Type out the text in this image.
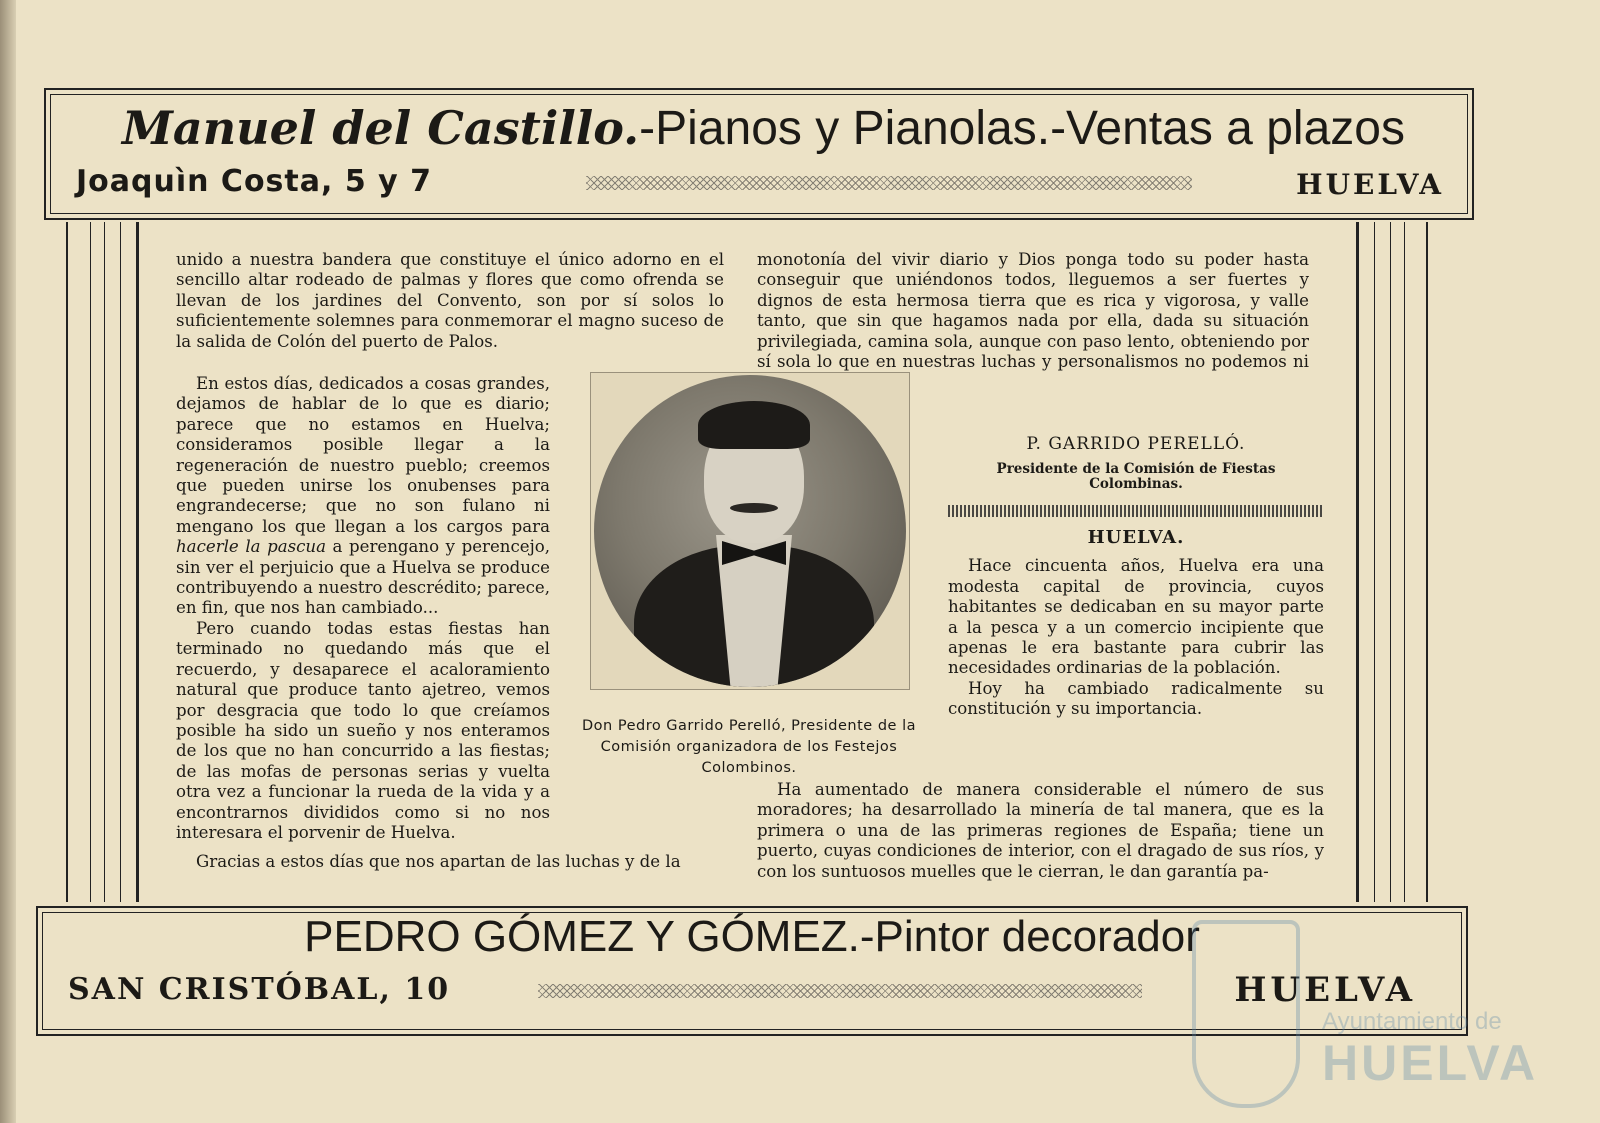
Manuel del Castillo.-Pianos y Pianolas.-Ventas a plazos
Joaquìn Costa, 5 y 7	HUELVA

unido a nuestra bandera que constituye el único adorno en el sencillo altar rodeado de palmas y flores que como ofrenda se llevan de los jardines del Convento, son por sí solos lo suficientemente solemnes para conmemorar el magno suceso de la salida de Colón del puerto de Palos.

En estos días, dedicados a cosas grandes, dejamos de hablar de lo que es diario; parece que no estamos en Huelva; consideramos posible llegar a la regeneración de nuestro pueblo; creemos que pueden unirse los onubenses para engrandecerse; que no son fulano ni mengano los que llegan a los cargos para hacerle la pascua a perengano y perencejo, sin ver el perjuicio que a Huelva se produce contribuyendo a nuestro descrédito; parece, en fin, que nos han cambiado...

Pero cuando todas estas fiestas han terminado no quedando más que el recuerdo, y desaparece el acaloramiento natural que produce tanto ajetreo, vemos por desgracia que todo lo que creíamos posible ha sido un sueño y nos enteramos de los que no han concurrido a las fiestas; de las mofas de personas serias y vuelta otra vez a funcionar la rueda de la vida y a encontrarnos divididos como si no nos interesara el porvenir de Huelva.

Gracias a estos días que nos apartan de las luchas y de la

monotonía del vivir diario y Dios ponga todo su poder hasta conseguir que uniéndonos todos, lleguemos a ser fuertes y dignos de esta hermosa tierra que es rica y vigorosa, y valle tanto, que sin que hagamos nada por ella, dada su situación privilegiada, camina sola, aunque con paso lento, obteniendo por sí sola lo que en nuestras luchas y personalismos no podemos ni

P. GARRIDO PERELLÓ.
Presidente de la Comisión de Fiestas Colombinas.
HUELVA.

Hace cincuenta años, Huelva era una modesta capital de provincia, cuyos habitantes se dedicaban en su mayor parte a la pesca y a un comercio incipiente que apenas le era bastante para cubrir las necesidades ordinarias de la población.

Hoy ha cambiado radicalmente su constitución y su importancia.

Ha aumentado de manera considerable el número de sus moradores; ha desarrollado la minería de tal manera, que es la primera o una de las primeras regiones de España; tiene un puerto, cuyas condiciones de interior, con el dragado de sus ríos, y con los suntuosos muelles que le cierran, le dan garantía pa-

Don Pedro Garrido Perelló, Presidente de la Comisión organizadora de los Festejos Colombinos.
PEDRO GÓMEZ Y GÓMEZ.-Pintor decorador
SAN CRISTÓBAL, 10	HUELVA
Ayuntamiento de
HUELVA
